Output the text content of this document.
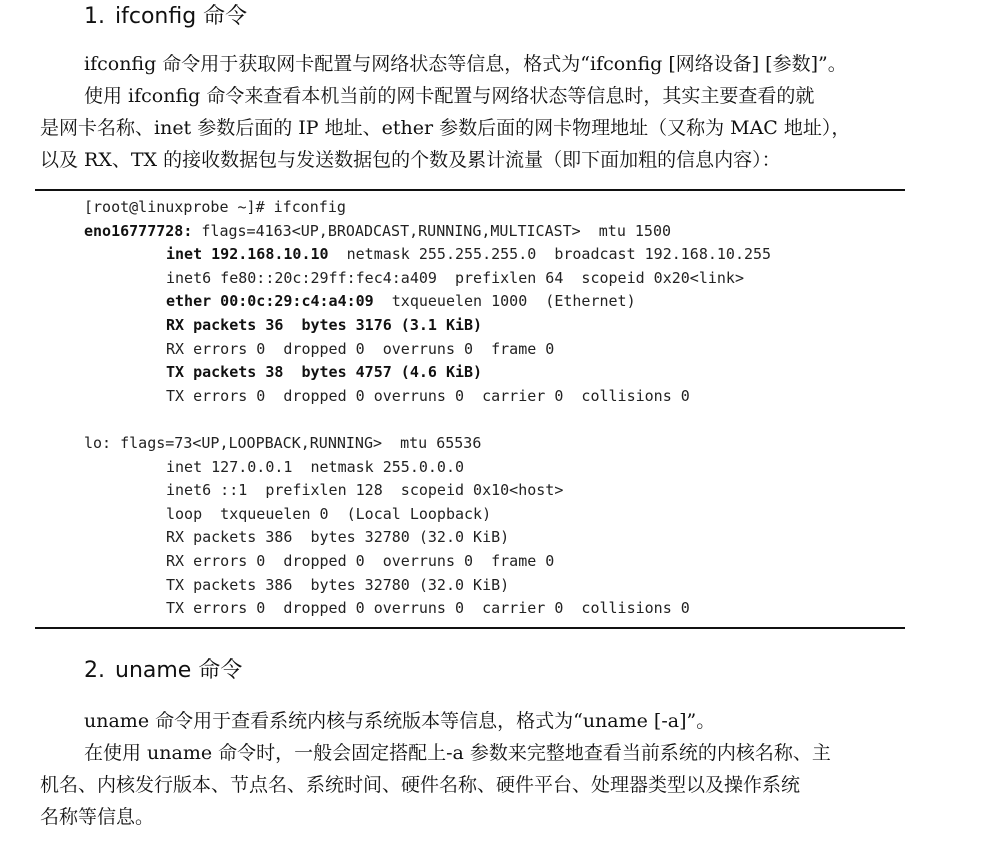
1. ifconfig 命令

ifconfig 命令用于获取网卡配置与网络状态等信息，格式为“ifconfig [网络设备] [参数]”。
使用 ifconfig 命令来查看本机当前的网卡配置与网络状态等信息时，其实主要查看的就
是网卡名称、inet 参数后面的 IP 地址、ether 参数后面的网卡物理地址（又称为 MAC 地址），
以及 RX、TX 的接收数据包与发送数据包的个数及累计流量（即下面加粗的信息内容）：

[root@linuxprobe ~]# ifconfig
eno16777728: flags=4163<UP,BROADCAST,RUNNING,MULTICAST>  mtu 1500
inet 192.168.10.10  netmask 255.255.255.0  broadcast 192.168.10.255
inet6 fe80::20c:29ff:fec4:a409  prefixlen 64  scopeid 0x20<link>
ether 00:0c:29:c4:a4:09  txqueuelen 1000  (Ethernet)
RX packets 36  bytes 3176 (3.1 KiB)
RX errors 0  dropped 0  overruns 0  frame 0
TX packets 38  bytes 4757 (4.6 KiB)
TX errors 0  dropped 0 overruns 0  carrier 0  collisions 0
lo: flags=73<UP,LOOPBACK,RUNNING>  mtu 65536
inet 127.0.0.1  netmask 255.0.0.0
inet6 ::1  prefixlen 128  scopeid 0x10<host>
loop  txqueuelen 0  (Local Loopback)
RX packets 386  bytes 32780 (32.0 KiB)
RX errors 0  dropped 0  overruns 0  frame 0
TX packets 386  bytes 32780 (32.0 KiB)
TX errors 0  dropped 0 overruns 0  carrier 0  collisions 0
2. uname 命令

uname 命令用于查看系统内核与系统版本等信息，格式为“uname [-a]”。
在使用 uname 命令时，一般会固定搭配上-a 参数来完整地查看当前系统的内核名称、主
机名、内核发行版本、节点名、系统时间、硬件名称、硬件平台、处理器类型以及操作系统
名称等信息。
